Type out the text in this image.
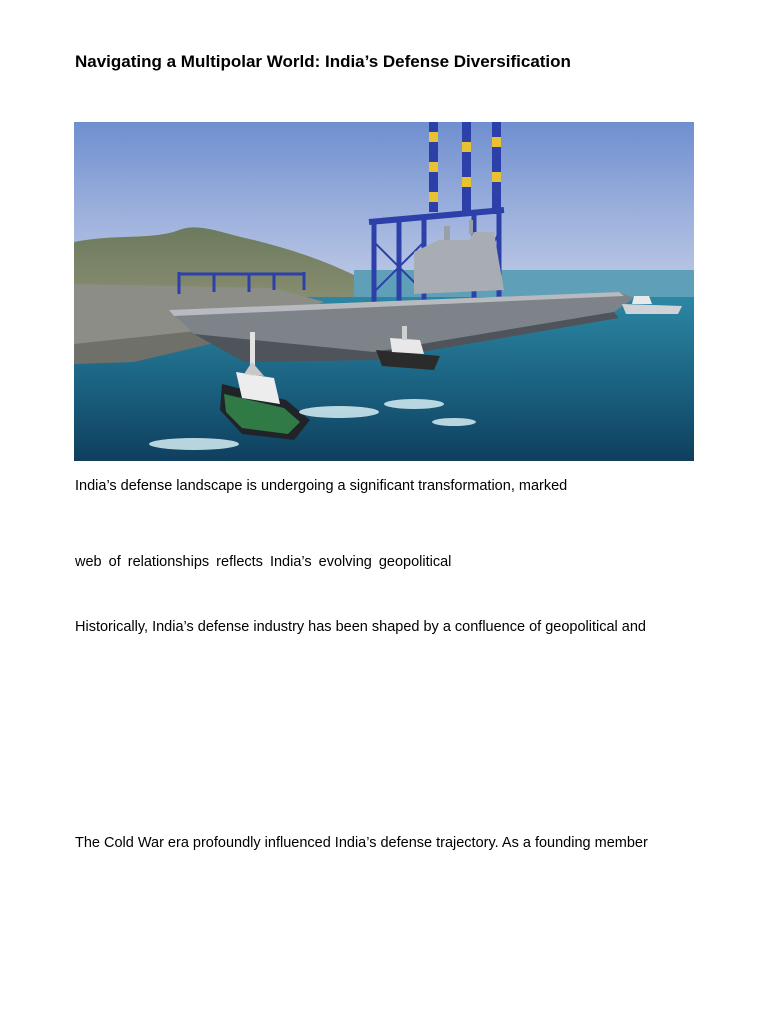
Navigating a Multipolar World: India’s Defense Diversification

India’s defense landscape is undergoing a significant transformation, marked

web of relationships reflects India’s evolving geopolitical

Historically, India’s defense industry has been shaped by a confluence of geopolitical and

The Cold War era profoundly influenced India’s defense trajectory. As a founding member
